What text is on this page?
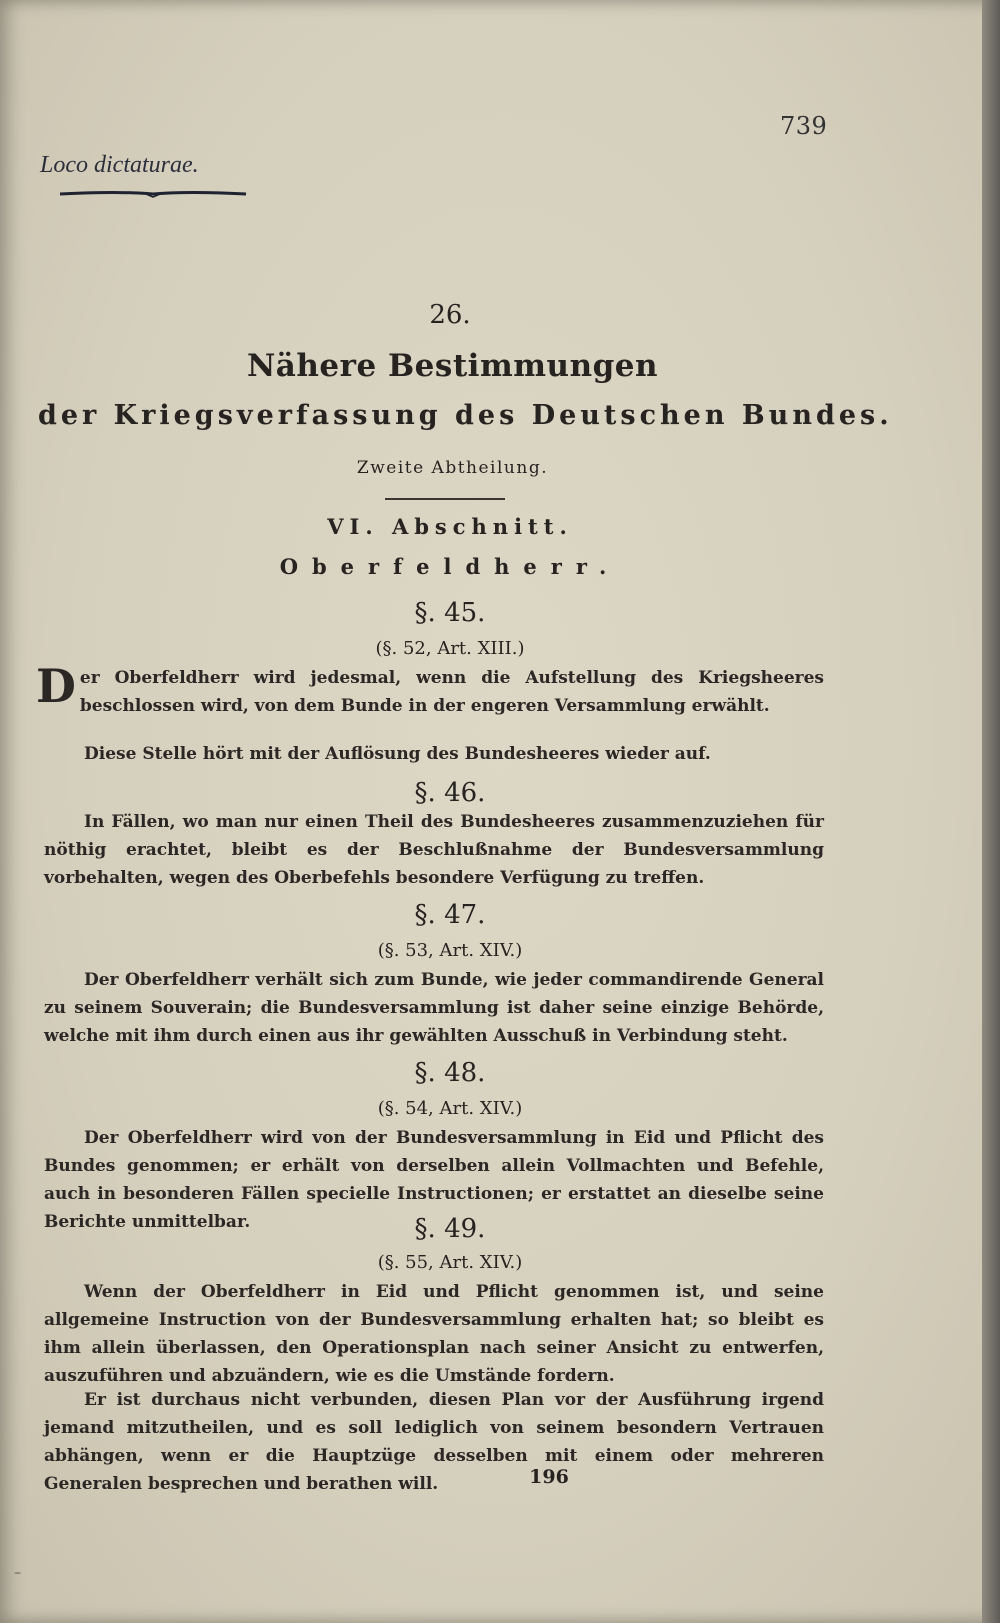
739
Loco dictaturae.
26.
Nähere Bestimmungen
der Kriegsverfassung des Deutschen Bundes.
Zweite Abtheilung.
VI. Abschnitt.
Oberfeldherr.
§. 45.
(§. 52, Art. XIII.)
Der Oberfeldherr wird jedesmal, wenn die Aufstellung des Kriegsheeres beschlossen wird, von dem Bunde in der engeren Versammlung erwählt.
Diese Stelle hört mit der Auflösung des Bundesheeres wieder auf.
§. 46.
In Fällen, wo man nur einen Theil des Bundesheeres zusammenzuziehen für nöthig erachtet, bleibt es der Beschlußnahme der Bundesversammlung vorbehalten, wegen des Oberbefehls besondere Verfügung zu treffen.
§. 47.
(§. 53, Art. XIV.)
Der Oberfeldherr verhält sich zum Bunde, wie jeder commandirende General zu seinem Souverain; die Bundesversammlung ist daher seine einzige Behörde, welche mit ihm durch einen aus ihr gewählten Ausschuß in Verbindung steht.
§. 48.
(§. 54, Art. XIV.)
Der Oberfeldherr wird von der Bundesversammlung in Eid und Pflicht des Bundes genommen; er erhält von derselben allein Vollmachten und Befehle, auch in besonderen Fällen specielle Instructionen; er erstattet an dieselbe seine Berichte unmittelbar.	§. 49.
(§. 55, Art. XIV.)
Wenn der Oberfeldherr in Eid und Pflicht genommen ist, und seine allgemeine Instruction von der Bundesversammlung erhalten hat; so bleibt es ihm allein überlassen, den Operationsplan nach seiner Ansicht zu entwerfen, auszuführen und abzuändern, wie es die Umstände fordern.
Er ist durchaus nicht verbunden, diesen Plan vor der Ausführung irgend jemand mitzutheilen, und es soll lediglich von seinem besondern Vertrauen abhängen, wenn er die Hauptzüge desselben mit einem oder mehreren Generalen besprechen und berathen will.	196
–
